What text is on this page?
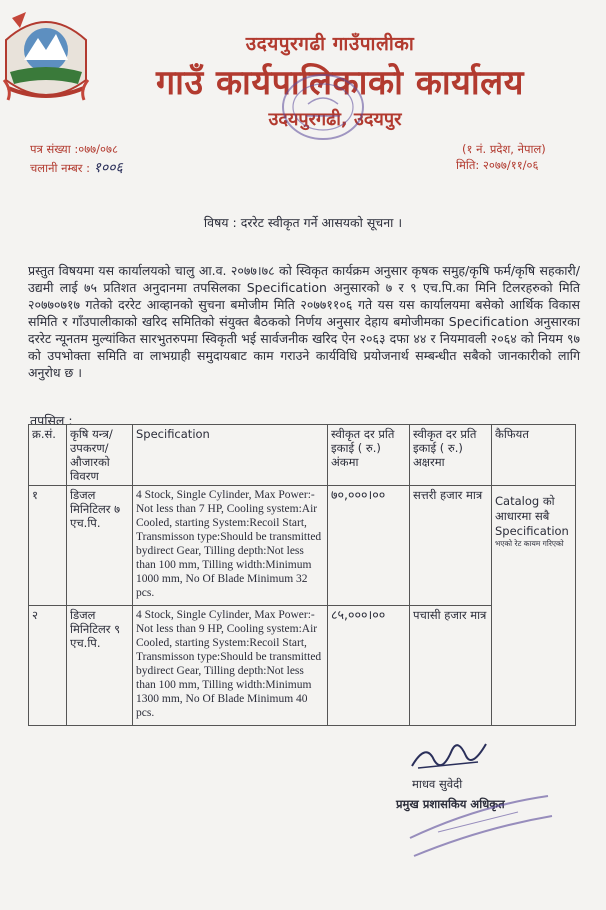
उदयपुरगढी गाउँपालीका
गाउँ कार्यपालिकाको कार्यालय
उदयपुरगढी, उदयपुर
पत्र संख्या :०७७/०७८
चलानी नम्बर : १००६
(१ नं. प्रदेश, नेपाल)
मिति: २०७७/११/०६
विषय : दररेट स्वीकृत गर्ने आसयको सूचना ।
प्रस्तुत विषयमा यस कार्यालयको चालु आ.व. २०७७।७८ को स्विकृत कार्यक्रम अनुसार कृषक समुह/कृषि फर्म/कृषि सहकारी/उद्यमी लाई ७५ प्रतिशत अनुदानमा तपसिलका Specification अनुसारको ७ र ९ एच.पि.का मिनि टिलरहरुको मिति २०७७०७१७ गतेको दररेट आव्हानको सुचना बमोजीम मिति २०७७११०६ गते यस यस कार्यालयमा बसेको आर्थिक विकास समिति र गाँउपालीकाको खरिद समितिको संयुक्त बैठकको निर्णय अनुसार देहाय बमोजीमका Specification अनुसारका दररेट न्यूनतम मुल्यांकित सारभुतरुपमा स्विकृती भई सार्वजनीक खरिद ऐन २०६३ दफा ४४ र नियमावली २०६४ को नियम ९७ को उपभोक्ता समिति वा लाभग्राही समुदायबाट काम गराउने कार्यविधि प्रयोजनार्थ सम्बन्धीत सबैको जानकारीको लागि अनुरोध छ ।
तपसिल :
क्र.सं.	कृषि यन्त्र/ उपकरण/ औजारको विवरण	Specification	स्वीकृत दर प्रति इकाई ( रु.) अंकमा	स्वीकृत दर प्रति इकाई ( रु.) अक्षरमा	कैफियत
१	डिजल मिनिटिलर ७ एच.पि.	4 Stock, Single Cylinder, Max Power:-Not less than 7 HP, Cooling system:Air Cooled, starting System:Recoil Start, Transmisson type:Should be transmitted bydirect Gear, Tilling depth:Not less than 100 mm, Tilling width:Minimum 1000 mm, No Of Blade Minimum 32 pcs.	७०,०००।००	सत्तरी हजार मात्र	Catalog को आधारमा सबै Specification
भएको रेट कायम गरिएको

२	डिजल मिनिटिलर ९ एच.पि.	4 Stock, Single Cylinder, Max Power:-Not less than 9 HP, Cooling system:Air Cooled, starting System:Recoil Start, Transmisson type:Should be transmitted bydirect Gear, Tilling depth:Not less than 100 mm, Tilling width:Minimum 1300 mm, No Of Blade Minimum 40 pcs.	८५,०००।००	पचासी हजार मात्र	
माधव सुवेदी
प्रमुख प्रशासकिय अधिकृत
